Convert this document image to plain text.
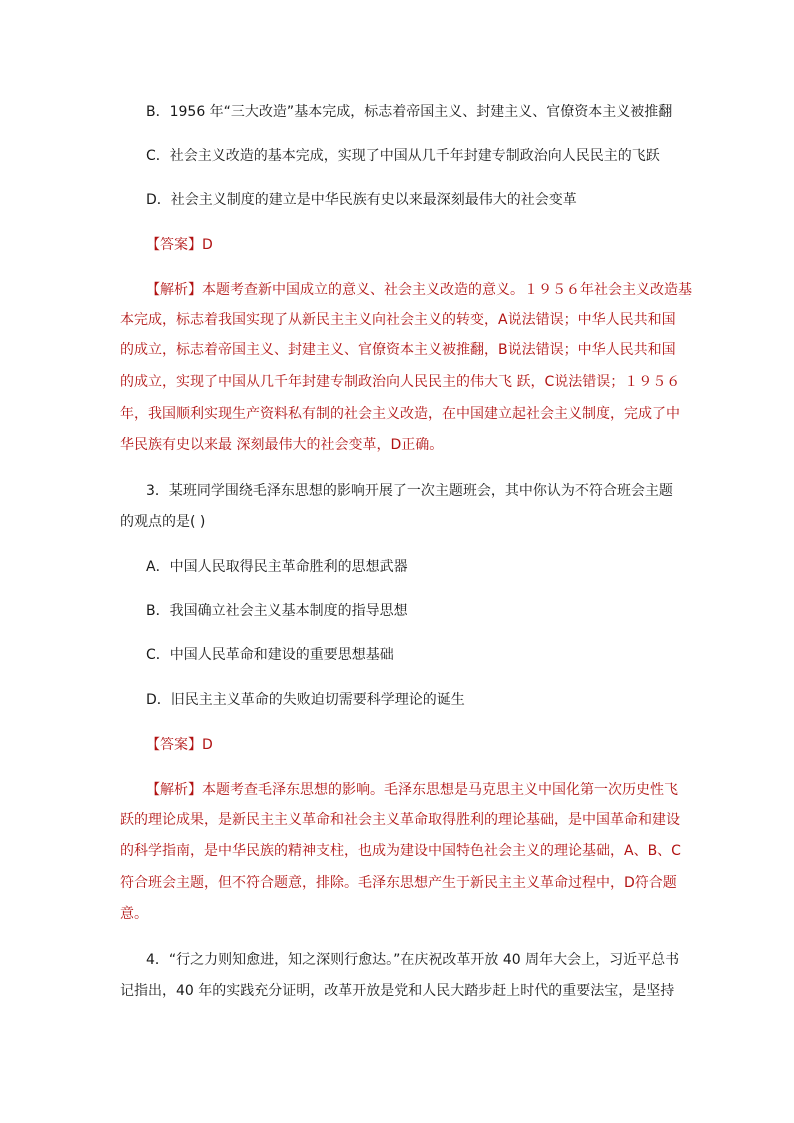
B．1956 年“三大改造”基本完成，标志着帝国主义、封建主义、官僚资本主义被推翻
C．社会主义改造的基本完成，实现了中国从几千年封建专制政治向人民民主的飞跃
D．社会主义制度的建立是中华民族有史以来最深刻最伟大的社会变革
【答案】D
【解析】本题考查新中国成立的意义、社会主义改造的意义。１９５６年社会主义改造基
本完成，标志着我国实现了从新民主主义向社会主义的转变，A说法错误；中华人民共和国
的成立，标志着帝国主义、封建主义、官僚资本主义被推翻，B说法错误；中华人民共和国
的成立，实现了中国从几千年封建专制政治向人民民主的伟大飞 跃，C说法错误；１９５６
年，我国顺利实现生产资料私有制的社会主义改造，在中国建立起社会主义制度，完成了中
华民族有史以来最 深刻最伟大的社会变革，D正确。
3．某班同学围绕毛泽东思想的影响开展了一次主题班会，其中你认为不符合班会主题
的观点的是( )
A．中国人民取得民主革命胜利的思想武器
B．我国确立社会主义基本制度的指导思想
C．中国人民革命和建设的重要思想基础
D．旧民主主义革命的失败迫切需要科学理论的诞生
【答案】D
【解析】本题考查毛泽东思想的影响。毛泽东思想是马克思主义中国化第一次历史性飞
跃的理论成果，是新民主主义革命和社会主义革命取得胜利的理论基础，是中国革命和建设
的科学指南，是中华民族的精神支柱，也成为建设中国特色社会主义的理论基础，A、B、C
符合班会主题，但不符合题意，排除。毛泽东思想产生于新民主主义革命过程中，D符合题
意。
4．“行之力则知愈进，知之深则行愈达。”在庆祝改革开放 40 周年大会上，习近平总书
记指出，40 年的实践充分证明，改革开放是党和人民大踏步赶上时代的重要法宝，是坚持
